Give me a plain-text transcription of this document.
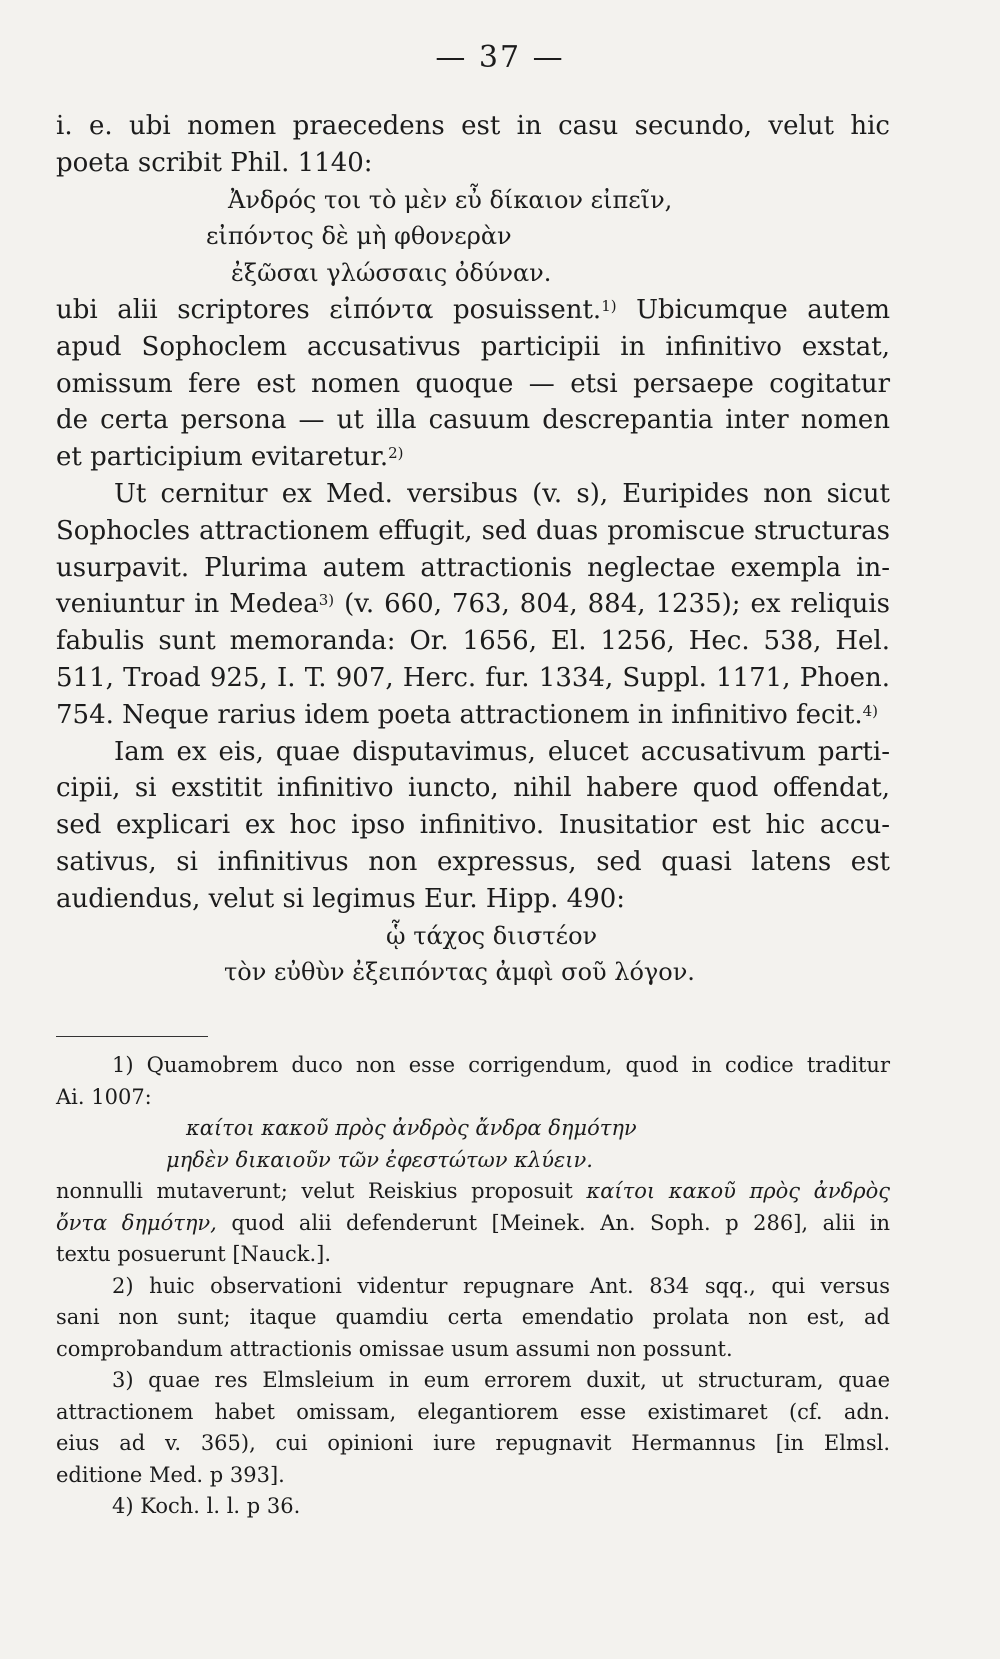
— 37 —
i. e. ubi nomen praecedens est in casu secundo, velut hic
poeta scribit Phil. 1140:
Ἀνδρός τοι τὸ μὲν εὖ δίκαιον εἰπεῖν,
εἰπόντος δὲ μὴ φθονερὰν
ἐξῶσαι γλώσσαις ὀδύναν.
ubi alii scriptores εἰπόντα posuissent.$^{1)}$ Ubicumque autem
apud Sophoclem accusativus participii in infinitivo exstat,
omissum fere est nomen quoque — etsi persaepe cogitatur
de certa persona — ut illa casuum descrepantia inter nomen
et participium evitaretur.$^{2)}$
Ut cernitur ex Med. versibus (v. s), Euripides non sicut
Sophocles attractionem effugit, sed duas promiscue structuras
usurpavit. Plurima autem attractionis neglectae exempla in-
veniuntur in Medea$^{3)}$ (v. 660, 763, 804, 884, 1235); ex reliquis
fabulis sunt memoranda: Or. 1656, El. 1256, Hec. 538, Hel.
511, Troad 925, I. T. 907, Herc. fur. 1334, Suppl. 1171, Phoen.
754. Neque rarius idem poeta attractionem in infinitivo fecit.$^{4)}$
Iam ex eis, quae disputavimus, elucet accusativum parti-
cipii, si exstitit infinitivo iuncto, nihil habere quod offendat,
sed explicari ex hoc ipso infinitivo. Inusitatior est hic accu-
sativus, si infinitivus non expressus, sed quasi latens est
audiendus, velut si legimus Eur. Hipp. 490:
ᾧ τάχος διιστέον
τὸν εὐθὺν ἐξειπόντας ἀμφὶ σοῦ λόγον.
1) Quamobrem duco non esse corrigendum, quod in codice traditur
Ai. 1007:
καίτοι κακοῦ πρὸς ἀνδρὸς ἄνδρα δημότην
μηδὲν δικαιοῦν τῶν ἐφεστώτων κλύειν.
nonnulli mutaverunt; velut Reiskius proposuit καίτοι κακοῦ πρὸς ἀνδρὸς
ὄντα δημότην, quod alii defenderunt [Meinek. An. Soph. p 286], alii in
textu posuerunt [Nauck.].
2) huic observationi videntur repugnare Ant. 834 sqq., qui versus
sani non sunt; itaque quamdiu certa emendatio prolata non est, ad
comprobandum attractionis omissae usum assumi non possunt.
3) quae res Elmsleium in eum errorem duxit, ut structuram, quae
attractionem habet omissam, elegantiorem esse existimaret (cf. adn.
eius ad v. 365), cui opinioni iure repugnavit Hermannus [in Elmsl.
editione Med. p 393].
4) Koch. l. l. p 36.
